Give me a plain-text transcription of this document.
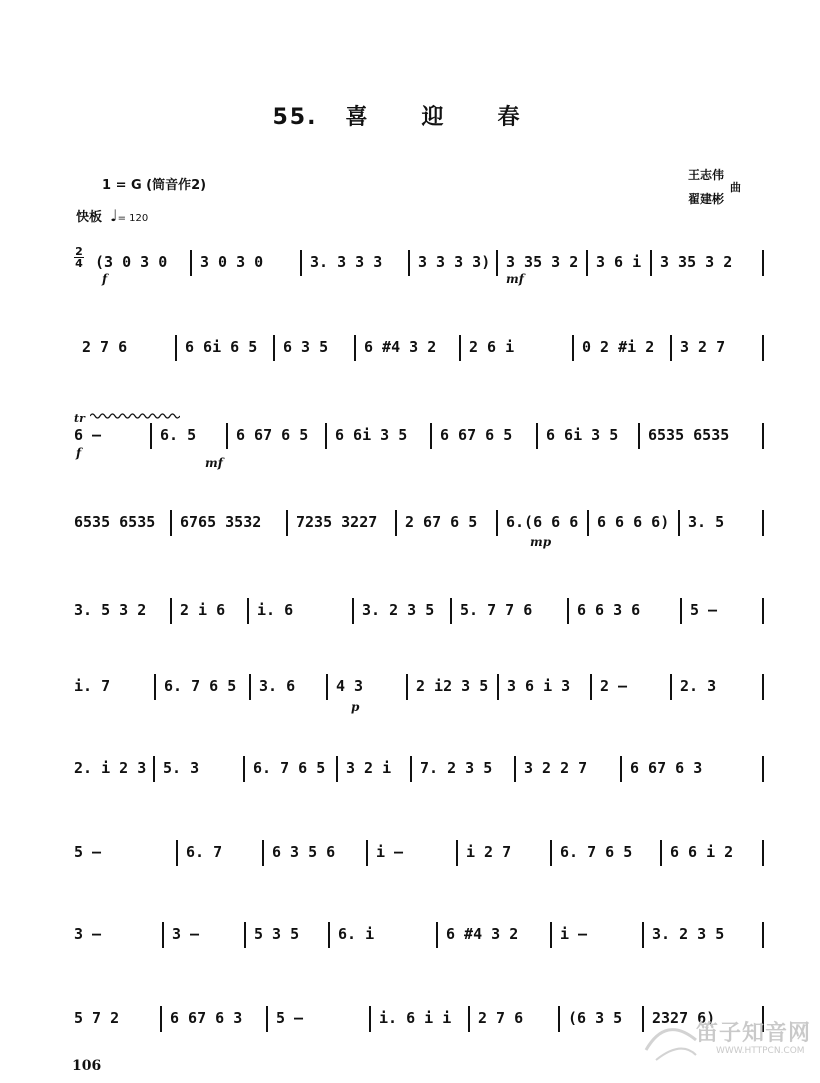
55. 喜 迎 春
1 = G (筒音作2)
快板 ♩= 120
王志伟
翟建彬
曲
2
4
tr
(3 0 3 0 3 0 3 0	3. 3 3 3 3 3 3 3) 3 35 3 2 3 6 i 3 35 3 2
2 7 6	6 6i 6 5 6 3 5 6 #4 3 2 2 6 i	0 2 #i 2 3 2 7
6 –	6. 5	6 67 6 5 6 6i 3 5 6 67 6 5 6 6i 3 5 6535 6535
6535 6535 6765 3532 7235 3227 2 67 6 5 6.(6 6 6 6 6 6 6) 3. 5
3. 5 3 2 2 i 6 i. 6	3. 2 3 5 5. 7 7 6	6 6 3 6	5 –
i. 7	6. 7 6 5 3. 6	4 3	2 i2 3 5 3 6 i 3 2 –	2. 3
2. i 2 3 5. 3	6. 7 6 5 3 2 i 7. 2 3 5 3 2 2 7	6 67 6 3
5 –	6. 7	6 3 5 6	i –	i 2 7	6. 7 6 5	6 6 i 2
3 –	3 –	5 3 5	6. i	6 #4 3 2	i –	3. 2 3 5
5 7 2	6 67 6 3 5 –	i. 6 i i 2 7 6	(6 3 5 2327 6)
f	mf
f
mf
mp
p
106
笛子知音网
WWW.HTTPCN.COM
